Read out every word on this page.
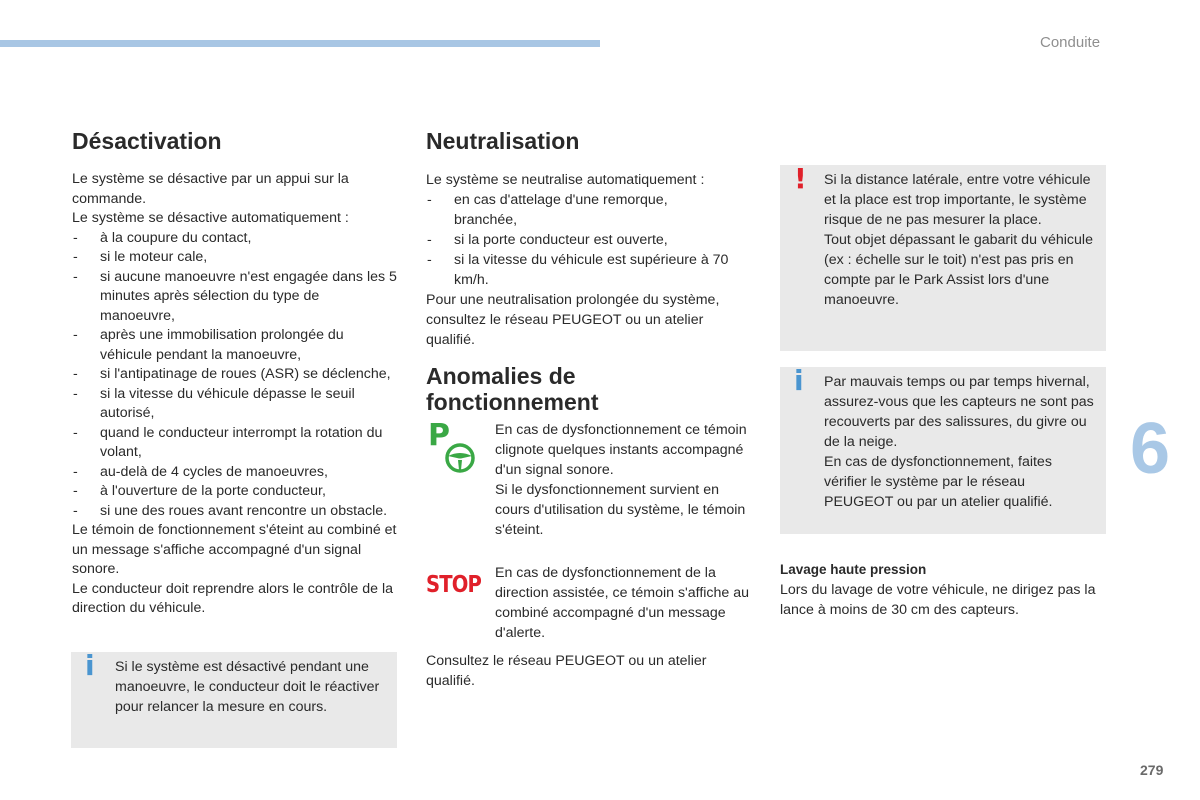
Conduite
6
279
Désactivation

Le système se désactive par un appui sur la commande.

Le système se désactive automatiquement :

- à la coupure du contact,
- si le moteur cale,
- si aucune manoeuvre n'est engagée dans les 5 minutes après sélection du type de manoeuvre,
- après une immobilisation prolongée du véhicule pendant la manoeuvre,
- si l'antipatinage de roues (ASR) se déclenche,
- si la vitesse du véhicule dépasse le seuil autorisé,
- quand le conducteur interrompt la rotation du volant,
- au-delà de 4 cycles de manoeuvres,
- à l'ouverture de la porte conducteur,
- si une des roues avant rencontre un obstacle.

Le témoin de fonctionnement s'éteint au combiné et un message s'affiche accompagné d'un signal sonore.

Le conducteur doit reprendre alors le contrôle de la direction du véhicule.

i Si le système est désactivé pendant une manoeuvre, le conducteur doit le réactiver pour relancer la mesure en cours.
Neutralisation

Le système se neutralise automatiquement :

- en cas d'attelage d'une remorque, branchée,
- si la porte conducteur est ouverte,
- si la vitesse du véhicule est supérieure à 70 km/h.

Pour une neutralisation prolongée du système, consultez le réseau PEUGEOT ou un atelier qualifié.

Anomalies de
fonctionnement
P	En cas de dysfonctionnement ce témoin clignote quelques instants accompagné d'un signal sonore.

Si le dysfonctionnement survient en cours d'utilisation du système, le témoin s'éteint.

STOP En cas de dysfonctionnement de la direction assistée, ce témoin s'affiche au combiné accompagné d'un message d'alerte.

Consultez le réseau PEUGEOT ou un atelier qualifié.

! Si la distance latérale, entre votre véhicule et la place est trop importante, le système risque de ne pas mesurer la place.

Tout objet dépassant le gabarit du véhicule (ex : échelle sur le toit) n'est pas pris en compte par le Park Assist lors d'une manoeuvre.

i Par mauvais temps ou par temps hivernal, assurez-vous que les capteurs ne sont pas recouverts par des salissures, du givre ou de la neige.

En cas de dysfonctionnement, faites vérifier le système par le réseau PEUGEOT ou par un atelier qualifié.

Lavage haute pression

Lors du lavage de votre véhicule, ne dirigez pas la lance à moins de 30 cm des capteurs.
